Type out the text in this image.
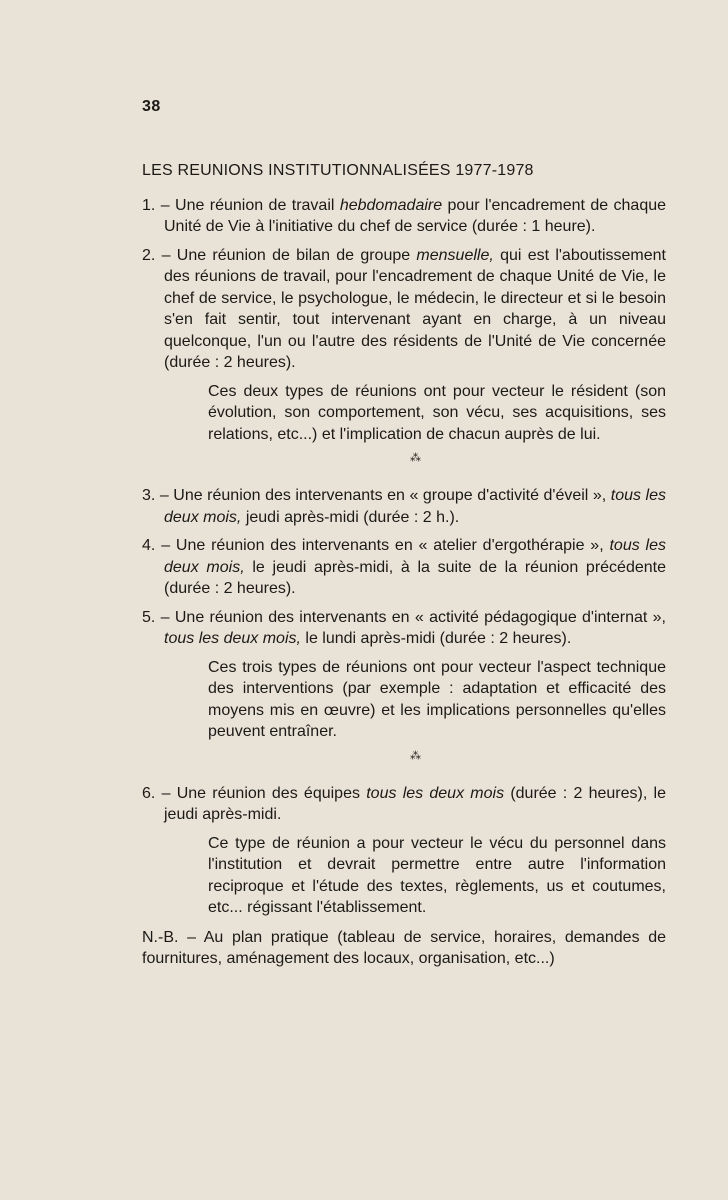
38

LES REUNIONS INSTITUTIONNALISÉES 1977-1978

1. – Une réunion de travail hebdomadaire pour l'encadrement de chaque Unité de Vie à l'initiative du chef de service (durée : 1 heure).
2. – Une réunion de bilan de groupe mensuelle, qui est l'aboutissement des réunions de travail, pour l'encadrement de chaque Unité de Vie, le chef de service, le psychologue, le médecin, le directeur et si le besoin s'en fait sentir, tout intervenant ayant en charge, à un niveau quelconque, l'un ou l'autre des résidents de l'Unité de Vie concernée (durée : 2 heures).

Ces deux types de réunions ont pour vecteur le résident (son évolution, son comportement, son vécu, ses acquisitions, ses relations, etc...) et l'implication de chacun auprès de lui.

⁂
3. – Une réunion des intervenants en « groupe d'activité d'éveil », tous les deux mois, jeudi après-midi (durée : 2 h.).
4. – Une réunion des intervenants en « atelier d'ergothérapie », tous les deux mois, le jeudi après-midi, à la suite de la réunion précédente (durée : 2 heures).
5. – Une réunion des intervenants en « activité pédagogique d'internat », tous les deux mois, le lundi après-midi (durée : 2 heures).

Ces trois types de réunions ont pour vecteur l'aspect technique des interventions (par exemple : adaptation et efficacité des moyens mis en œuvre) et les implications personnelles qu'elles peuvent entraîner.

⁂
6. – Une réunion des équipes tous les deux mois (durée : 2 heures), le jeudi après-midi.

Ce type de réunion a pour vecteur le vécu du personnel dans l'institution et devrait permettre entre autre l'information reciproque et l'étude des textes, règlements, us et coutumes, etc... régissant l'établissement.

N.-B. – Au plan pratique (tableau de service, horaires, demandes de fournitures, aménagement des locaux, organisation, etc...)
